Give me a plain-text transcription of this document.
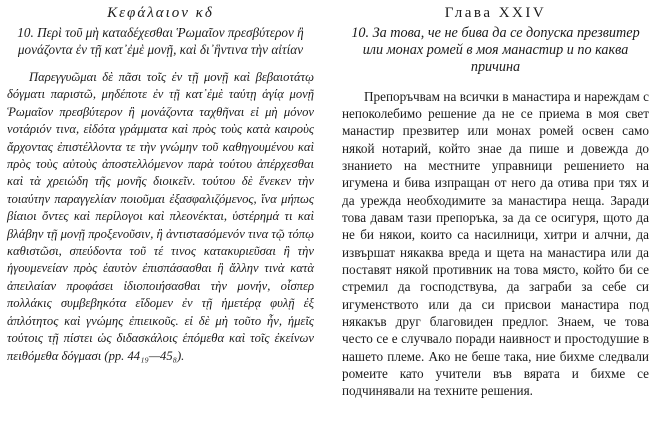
Κεφάλαιον κδ
10. Περὶ τοῦ μὴ καταδέχεσθαι Ῥωμαῖον πρεσβύτερον ἢ μονάζοντα ἐν τῇ κατ᾽ἐμὲ μονῇ, καὶ δι᾽ἣντινα τὴν αἰτίαν

Παρεγγυῶμαι δὲ πᾶσι τοῖς ἐν τῇ μονῇ καὶ βεβαιοτάτῳ δόγματι παριστῶ, μηδέποτε ἐν τῇ κατ᾽ἐμὲ ταύτῃ ἁγίᾳ μονῇ Ῥωμαῖον πρεσβύτερον ἢ μονάζοντα ταχθῆναι εἰ μὴ μόνον νοτάριόν τινα, εἰδότα γράμματα καὶ πρὸς τοὺς κατὰ καιροὺς ἄρχοντας ἐπιστέλλοντα τε τὴν γνώμην τοῦ καθηγουμένου καὶ πρὸς τοὺς αὐτοὺς ἀποστελλόμενον παρὰ τούτου ἀπέρχεσθαι καὶ τὰ χρειώδη τῆς μονῆς διοικεῖν. τούτου δὲ ἕνεκεν τὴν τοιαύτην παραγγελίαν ποιοῦμαι ἐξασφαλιζόμενος, ἵνα μήπως βίαιοι ὄντες καὶ περίλογοι καὶ πλεονέκται, ὑστέρημά τι καὶ βλάβην τῇ μονῇ προξενοῦσιν, ἢ ἀντιστασόμενόν τινα τῷ τόπῳ καθιστῶσι, σπεύδοντα τοῦ τέ τινος κατακυριεῦσαι ἢ τὴν ἡγουμενείαν πρὸς ἑαυτὸν ἐπισπάσασθαι ἢ ἄλλην τινὰ κατὰ ἀπειλαίαν προφάσει ἰδιοποιήσασθαι τὴν μονήν, οἷσπερ πολλάκις συμβεβηκότα εἴδομεν ἐν τῇ ἡμετέρᾳ φυλῇ ἐξ ἁπλότητος καὶ γνώμης ἐπιεικοῦς. εἰ δὲ μὴ τοῦτο ἦν, ἡμεῖς τούτοις τῇ πίστει ὡς διδασκάλοις ἑπόμεθα καὶ τοῖς ἐκείνων πειθόμεθα δόγμασι (pp. 44₁₉—45₈).

Глава XXIV
10. За това, че не бива да се допуска презвитер или монах ромей в моя манастир и по каква причина

Препоръчвам на всички в манастира и нареждам с непоколебимо решение да не се приема в моя свет манастир презвитер или монах ромей освен само някой нотарий, който знае да пише и довежда до знанието на местните управници решението на игумена и бива изпращан от него да отива при тях и да урежда необходимите за манастира неща. Заради това давам тази препоръка, за да се осигуря, щото да не би някои, които са насилници, хитри и алчни, да извършат някаква вреда и щета на манастира или да поставят някой противник на това място, който би се стремил да господствува, да заграби за себе си игуменството или да си присвои манастира под някакъв друг благовиден предлог. Знаем, че това често се е случвало поради наивност и простодушие в нашето племе. Ако не беше така, ние бихме следвали ромеите като учители във вярата и бихме се подчинявали на техните решения.
